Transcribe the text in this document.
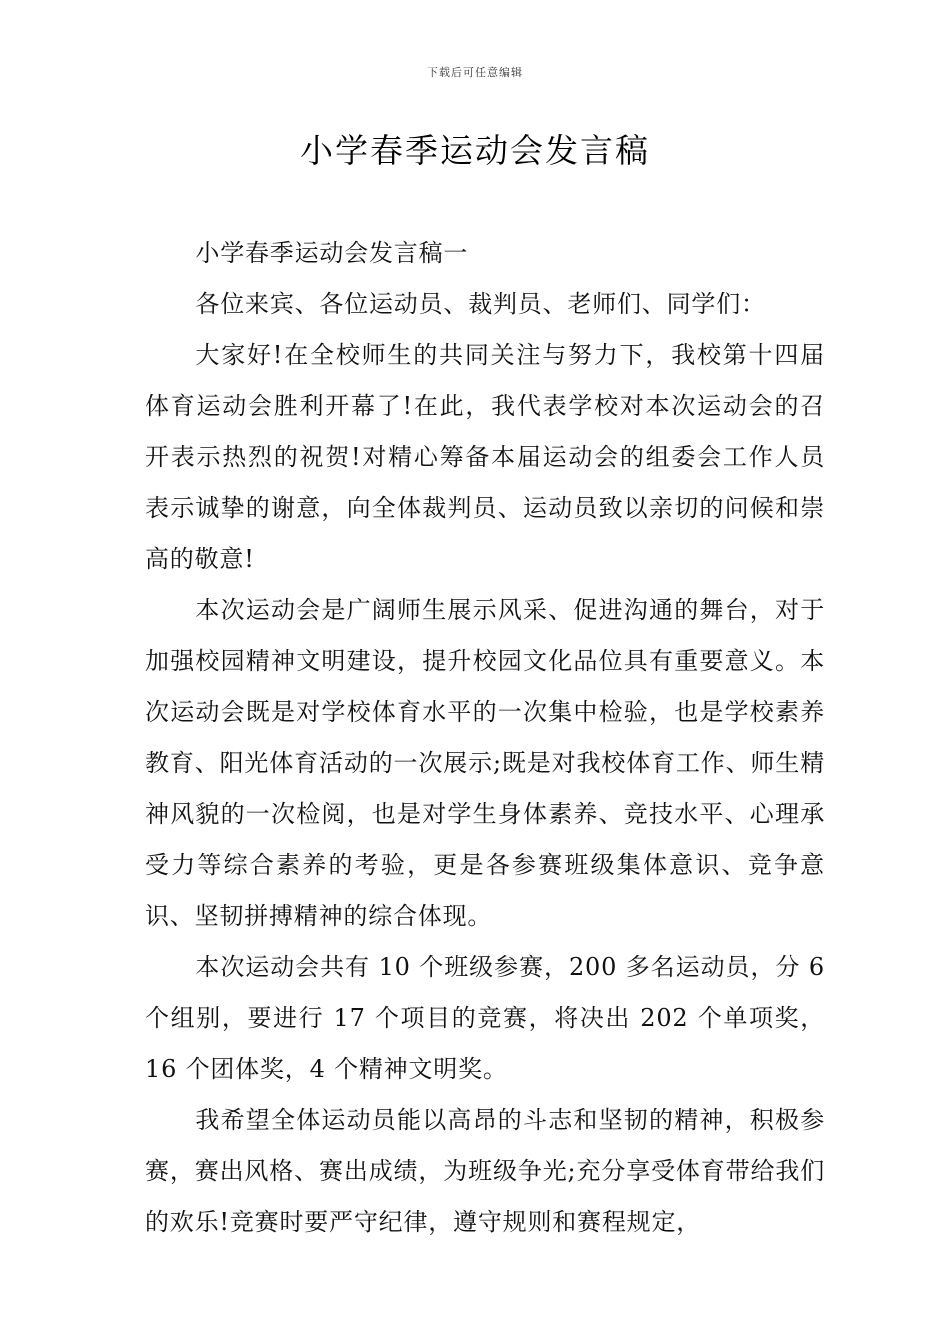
下载后可任意编辑
小学春季运动会发言稿

小学春季运动会发言稿一

各位来宾、各位运动员、裁判员、老师们、同学们：

大家好!在全校师生的共同关注与努力下，我校第十四届体育运动会胜利开幕了!在此，我代表学校对本次运动会的召开表示热烈的祝贺!对精心筹备本届运动会的组委会工作人员表示诚挚的谢意，向全体裁判员、运动员致以亲切的问候和崇高的敬意!

本次运动会是广阔师生展示风采、促进沟通的舞台，对于加强校园精神文明建设，提升校园文化品位具有重要意义。本次运动会既是对学校体育水平的一次集中检验，也是学校素养教育、阳光体育活动的一次展示;既是对我校体育工作、师生精神风貌的一次检阅，也是对学生身体素养、竞技水平、心理承受力等综合素养的考验，更是各参赛班级集体意识、竞争意识、坚韧拼搏精神的综合体现。

本次运动会共有 10 个班级参赛，200 多名运动员，分 6 个组别，要进行 17 个项目的竞赛，将决出 202 个单项奖，16 个团体奖，4 个精神文明奖。

我希望全体运动员能以高昂的斗志和坚韧的精神，积极参赛，赛出风格、赛出成绩，为班级争光;充分享受体育带给我们的欢乐!竞赛时要严守纪律，遵守规则和赛程规定，
